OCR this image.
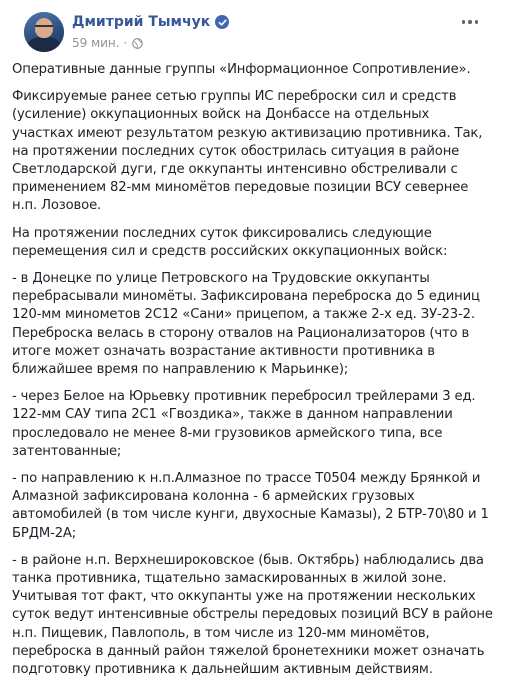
Дмитрий Тымчук
59 мин. ·

Оперативные данные группы «Информационное Сопротивление».

Фиксируемые ранее сетью группы ИС переброски сил и средств (усиление) оккупационных войск на Донбассе на отдельных участках имеют результатом резкую активизацию противника. Так, на протяжении последних суток обострилась ситуация в районе Светлодарской дуги, где оккупанты интенсивно обстреливали с применением 82-мм миномётов передовые позиции ВСУ севернее н.п. Лозовое.

На протяжении последних суток фиксировались следующие перемещения сил и средств российских оккупационных войск:

- в Донецке по улице Петровского на Трудовские оккупанты перебрасывали миномёты. Зафиксирована переброска до 5 единиц 120-мм минометов 2С12 «Сани» прицепом, а также 2-х ед. ЗУ-23-2. Переброска велась в сторону отвалов на Рационализаторов (что в итоге может означать возрастание активности противника в ближайшее время по направлению к Марьинке);

- через Белое на Юрьевку противник перебросил трейлерами 3 ед. 122-мм САУ типа 2С1 «Гвоздика», также в данном направлении проследовало не менее 8-ми грузовиков армейского типа, все затентованные;

- по направлению к н.п.Алмазное по трассе Т0504 между Брянкой и Алмазной зафиксирована колонна - 6 армейских грузовых автомобилей (в том числе кунги, двухосные Камазы), 2 БТР-70\80 и 1 БРДМ-2А;

- в районе н.п. Верхнешироковское (быв. Октябрь) наблюдались два танка противника, тщательно замаскированных в жилой зоне. Учитывая тот факт, что оккупанты уже на протяжении нескольких суток ведут интенсивные обстрелы передовых позиций ВСУ в районе н.п. Пищевик, Павлополь, в том числе из 120-мм миномётов, переброска в данный район тяжелой бронетехники может означать подготовку противника к дальнейшим активным действиям.
